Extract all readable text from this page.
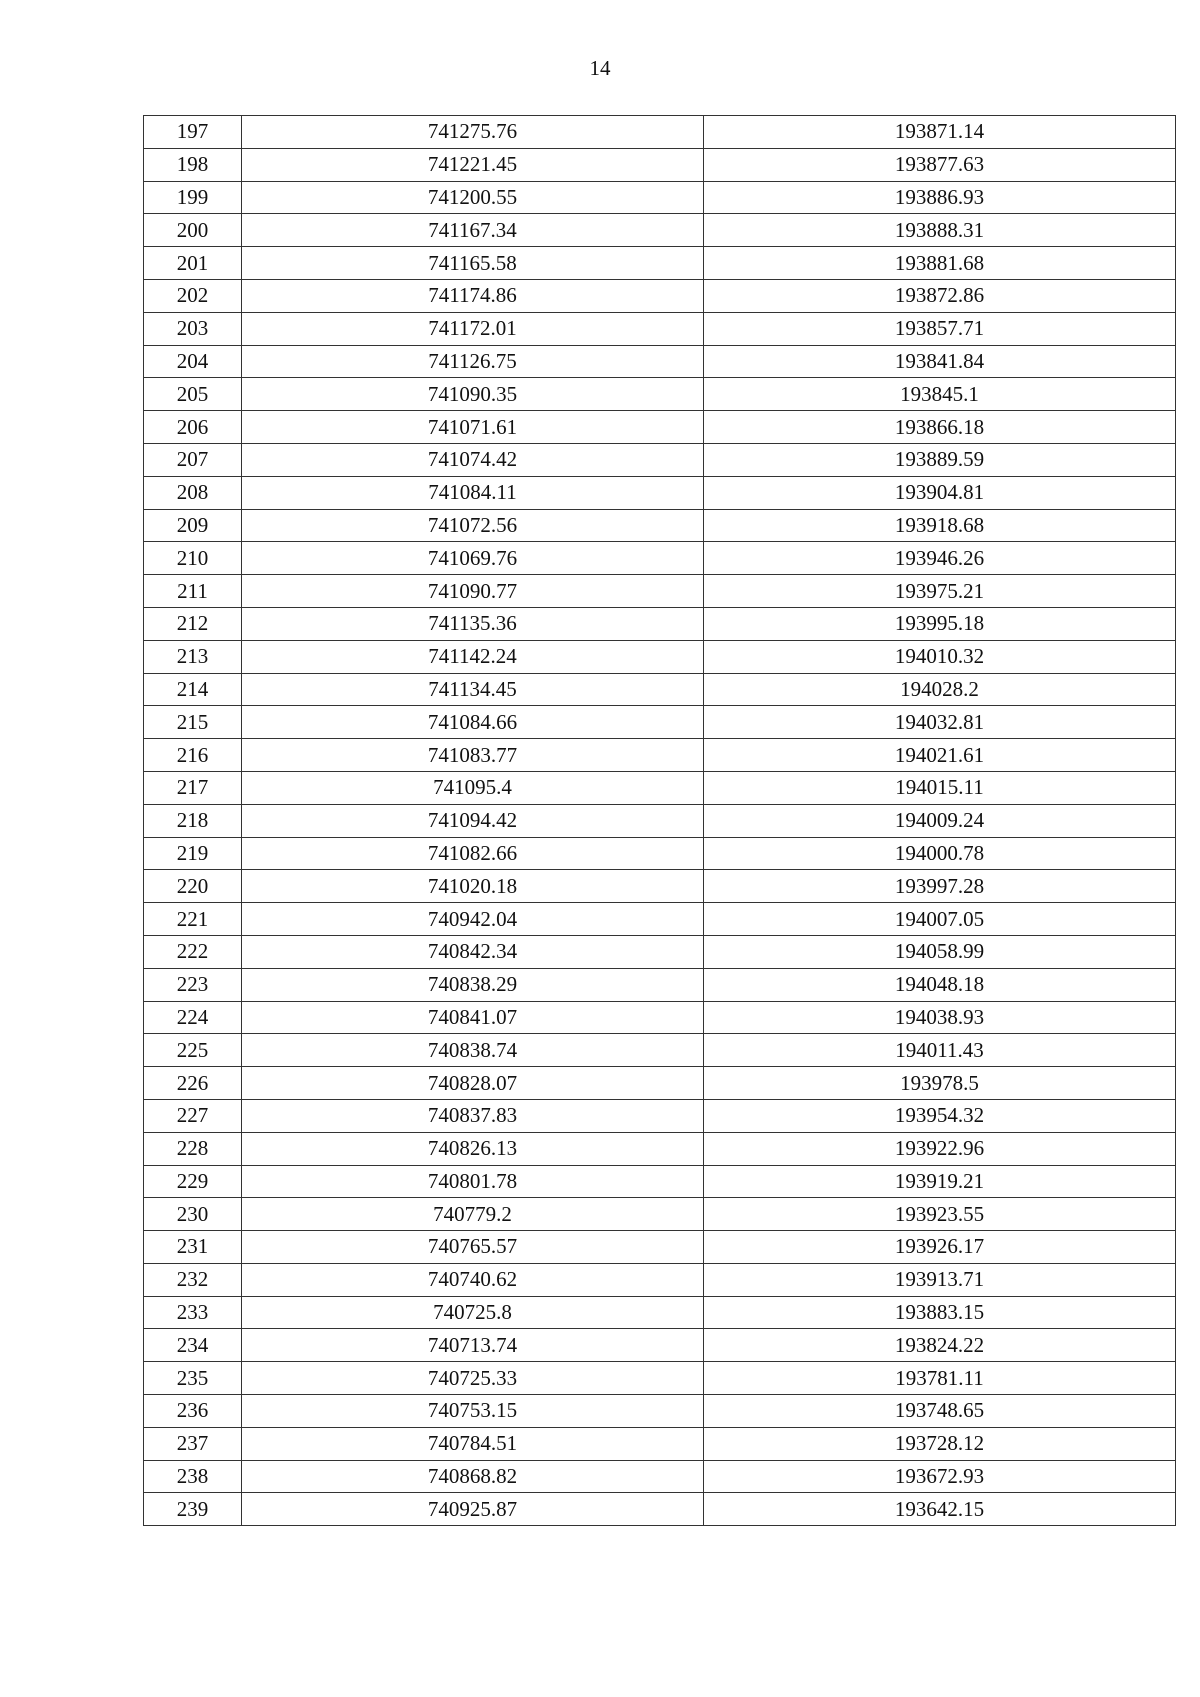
14
197	741275.76	193871.14
198	741221.45	193877.63
199	741200.55	193886.93
200	741167.34	193888.31
201	741165.58	193881.68
202	741174.86	193872.86
203	741172.01	193857.71
204	741126.75	193841.84
205	741090.35	193845.1
206	741071.61	193866.18
207	741074.42	193889.59
208	741084.11	193904.81
209	741072.56	193918.68
210	741069.76	193946.26
211	741090.77	193975.21
212	741135.36	193995.18
213	741142.24	194010.32
214	741134.45	194028.2
215	741084.66	194032.81
216	741083.77	194021.61
217	741095.4	194015.11
218	741094.42	194009.24
219	741082.66	194000.78
220	741020.18	193997.28
221	740942.04	194007.05
222	740842.34	194058.99
223	740838.29	194048.18
224	740841.07	194038.93
225	740838.74	194011.43
226	740828.07	193978.5
227	740837.83	193954.32
228	740826.13	193922.96
229	740801.78	193919.21
230	740779.2	193923.55
231	740765.57	193926.17
232	740740.62	193913.71
233	740725.8	193883.15
234	740713.74	193824.22
235	740725.33	193781.11
236	740753.15	193748.65
237	740784.51	193728.12
238	740868.82	193672.93
239	740925.87	193642.15
